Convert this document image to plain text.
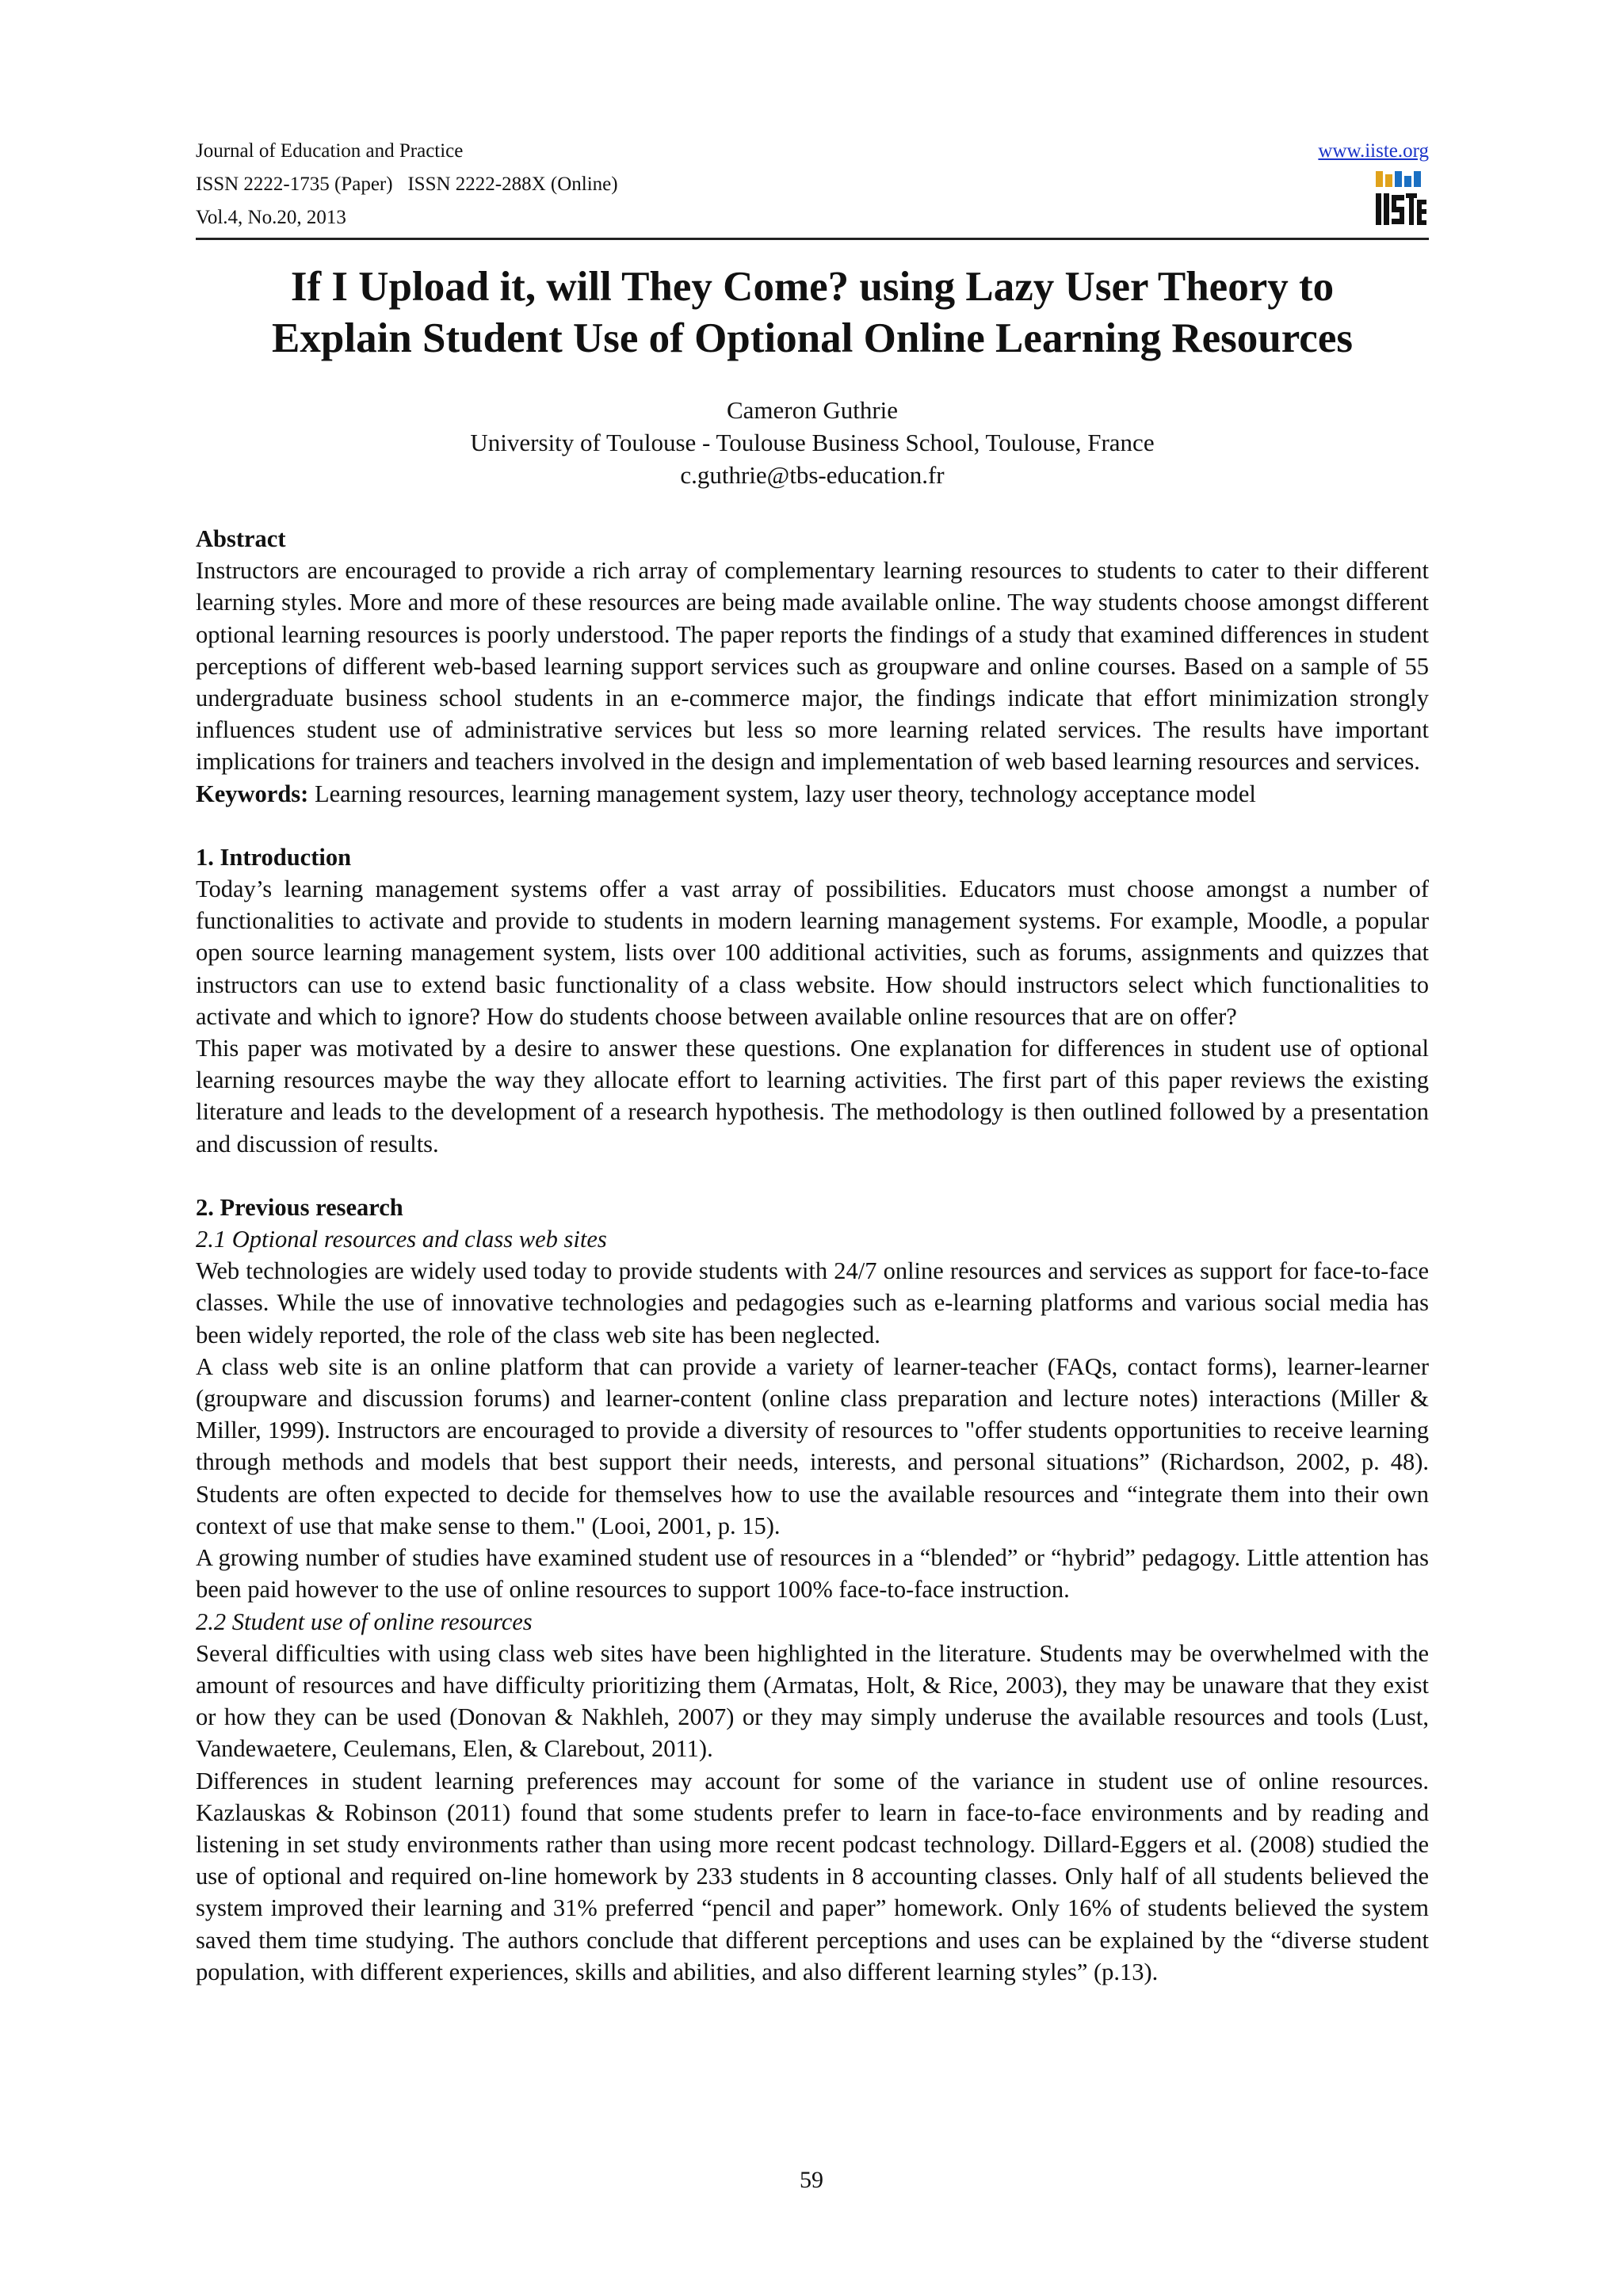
Journal of Education and Practice
ISSN 2222-1735 (Paper)   ISSN 2222-288X (Online)
Vol.4, No.20, 2013
www.iiste.org
If I Upload it, will They Come? using Lazy User Theory to
Explain Student Use of Optional Online Learning Resources
Cameron Guthrie
University of Toulouse - Toulouse Business School, Toulouse, France
c.guthrie@tbs-education.fr

Abstract

Instructors are encouraged to provide a rich array of complementary learning resources to students to cater to their different learning styles. More and more of these resources are being made available online. The way students choose amongst different optional learning resources is poorly understood. The paper reports the findings of a study that examined differences in student perceptions of different web-based learning support services such as groupware and online courses. Based on a sample of 55 undergraduate business school students in an e-commerce major, the findings indicate that effort minimization strongly influences student use of administrative services but less so more learning related services. The results have important implications for trainers and teachers involved in the design and implementation of web based learning resources and services.

Keywords: Learning resources, learning management system, lazy user theory, technology acceptance model

1. Introduction

Today’s learning management systems offer a vast array of possibilities. Educators must choose amongst a number of functionalities to activate and provide to students in modern learning management systems. For example, Moodle, a popular open source learning management system, lists over 100 additional activities, such as forums, assignments and quizzes that instructors can use to extend basic functionality of a class website. How should instructors select which functionalities to activate and which to ignore? How do students choose between available online resources that are on offer?

This paper was motivated by a desire to answer these questions. One explanation for differences in student use of optional learning resources maybe the way they allocate effort to learning activities. The first part of this paper reviews the existing literature and leads to the development of a research hypothesis. The methodology is then outlined followed by a presentation and discussion of results.

2. Previous research

2.1 Optional resources and class web sites

Web technologies are widely used today to provide students with 24/7 online resources and services as support for face-to-face classes. While the use of innovative technologies and pedagogies such as e-learning platforms and various social media has been widely reported, the role of the class web site has been neglected.

A class web site is an online platform that can provide a variety of learner-teacher (FAQs, contact forms), learner-learner (groupware and discussion forums) and learner-content (online class preparation and lecture notes) interactions (Miller & Miller, 1999). Instructors are encouraged to provide a diversity of resources to "offer students opportunities to receive learning through methods and models that best support their needs, interests, and personal situations” (Richardson, 2002, p. 48). Students are often expected to decide for themselves how to use the available resources and “integrate them into their own context of use that make sense to them." (Looi, 2001, p. 15).

A growing number of studies have examined student use of resources in a “blended” or “hybrid” pedagogy. Little attention has been paid however to the use of online resources to support 100% face-to-face instruction.

2.2 Student use of online resources

Several difficulties with using class web sites have been highlighted in the literature. Students may be overwhelmed with the amount of resources and have difficulty prioritizing them (Armatas, Holt, & Rice, 2003), they may be unaware that they exist or how they can be used (Donovan & Nakhleh, 2007) or they may simply underuse the available resources and tools (Lust, Vandewaetere, Ceulemans, Elen, & Clarebout, 2011).

Differences in student learning preferences may account for some of the variance in student use of online resources. Kazlauskas & Robinson (2011) found that some students prefer to learn in face-to-face environments and by reading and listening in set study environments rather than using more recent podcast technology. Dillard-Eggers et al. (2008) studied the use of optional and required on-line homework by 233 students in 8 accounting classes. Only half of all students believed the system improved their learning and 31% preferred “pencil and paper” homework. Only 16% of students believed the system saved them time studying. The authors conclude that different perceptions and uses can be explained by the “diverse student population, with different experiences, skills and abilities, and also different learning styles” (p.13).

59
